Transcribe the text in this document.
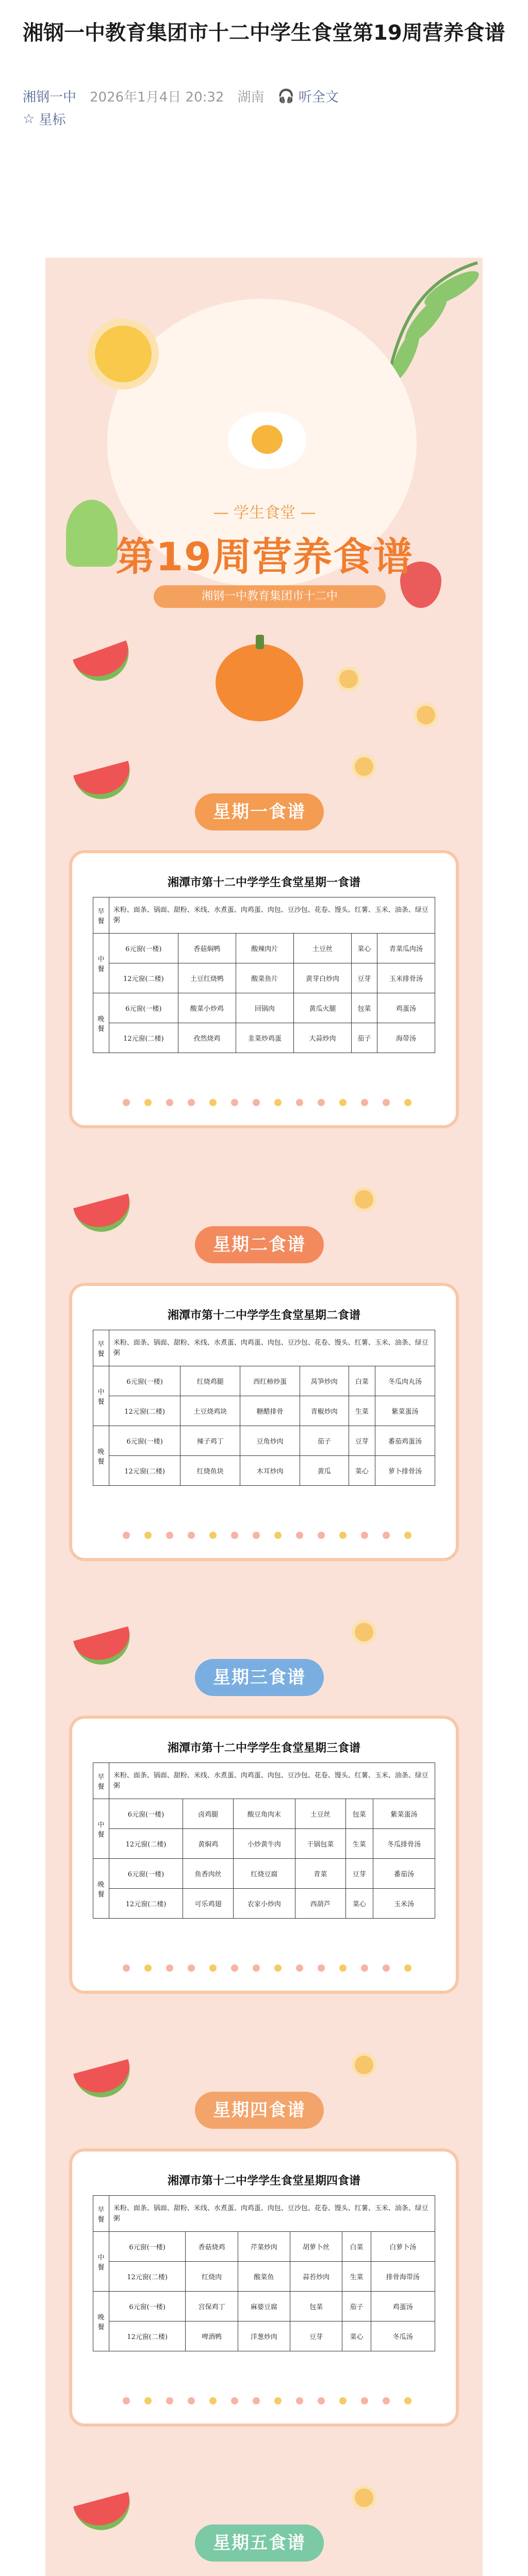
湘钢一中教育集团市十二中学生食堂第19周营养食谱
湘钢一中 2026年1月4日 20:32 湖南 🎧 听全文
☆ 星标
— 学生食堂 —
第19周营养食谱
湘钢一中教育集团市十二中
星期一食谱
湘潭市第十二中学学生食堂星期一食谱
早餐	米粉、面条、锅面、甜粉、米线、水煮蛋、肉鸡蛋、肉包、豆沙包、花卷、馒头、红薯、玉米、油条、绿豆粥					
中餐	6元窗(一楼)	香菇焖鸭	酸辣肉片	土豆丝	菜心	青菜瓜肉汤
	12元窗(二楼)	土豆红烧鸭	酸菜鱼片	黄芽白炒肉	豆芽	玉米排骨汤
晚餐	6元窗(一楼)	酸菜小炒鸡	回锅肉	黄瓜火腿	包菜	鸡蛋汤
	12元窗(二楼)	孜然烧鸡	韭菜炒鸡蛋	大蒜炒肉	茄子	海带汤
星期二食谱
湘潭市第十二中学学生食堂星期二食谱
早餐	米粉、面条、锅面、甜粉、米线、水煮蛋、肉鸡蛋、肉包、豆沙包、花卷、馒头、红薯、玉米、油条、绿豆粥					
中餐	6元窗(一楼)	红烧鸡腿	西红柿炒蛋	莴笋炒肉	白菜	冬瓜肉丸汤
	12元窗(二楼)	土豆烧鸡块	糖醋排骨	青椒炒肉	生菜	紫菜蛋汤
晚餐	6元窗(一楼)	辣子鸡丁	豆角炒肉	茄子	豆芽	番茄鸡蛋汤
	12元窗(二楼)	红烧鱼块	木耳炒肉	黄瓜	菜心	萝卜排骨汤
星期三食谱
湘潭市第十二中学学生食堂星期三食谱
早餐	米粉、面条、锅面、甜粉、米线、水煮蛋、肉鸡蛋、肉包、豆沙包、花卷、馒头、红薯、玉米、油条、绿豆粥					
中餐	6元窗(一楼)	卤鸡腿	酸豆角肉末	土豆丝	包菜	紫菜蛋汤
	12元窗(二楼)	黄焖鸡	小炒黄牛肉	干锅包菜	生菜	冬瓜排骨汤
晚餐	6元窗(一楼)	鱼香肉丝	红烧豆腐	青菜	豆芽	番茄汤
	12元窗(二楼)	可乐鸡翅	农家小炒肉	西葫芦	菜心	玉米汤
星期四食谱
湘潭市第十二中学学生食堂星期四食谱
早餐	米粉、面条、锅面、甜粉、米线、水煮蛋、肉鸡蛋、肉包、豆沙包、花卷、馒头、红薯、玉米、油条、绿豆粥					
中餐	6元窗(一楼)	香菇烧鸡	芹菜炒肉	胡萝卜丝	白菜	白萝卜汤
	12元窗(二楼)	红烧肉	酸菜鱼	蒜苔炒肉	生菜	排骨海带汤
晚餐	6元窗(一楼)	宫保鸡丁	麻婆豆腐	包菜	茄子	鸡蛋汤
	12元窗(二楼)	啤酒鸭	洋葱炒肉	豆芽	菜心	冬瓜汤
星期五食谱
